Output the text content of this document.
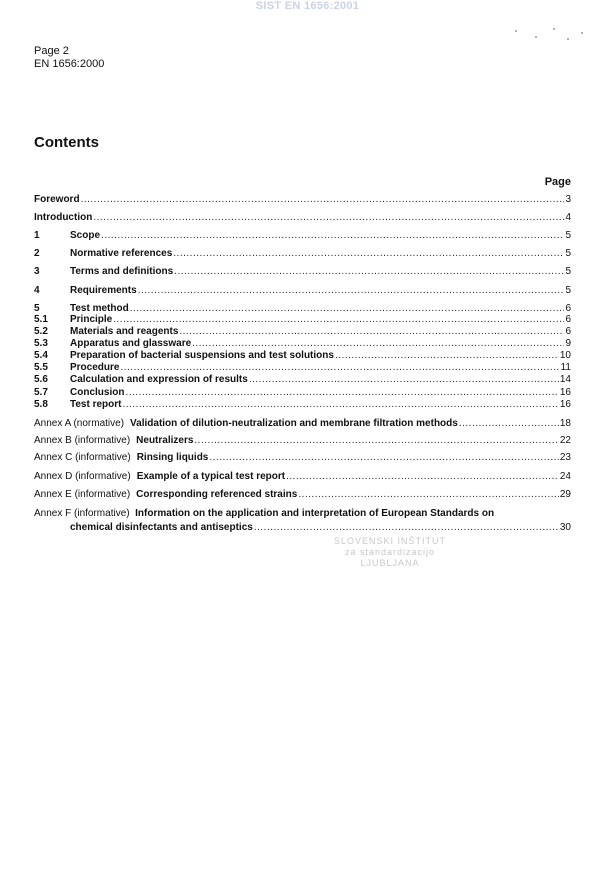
SIST EN 1656:2001
Page 2
EN 1656:2000
Contents
Page
Foreword .....	3
Introduction .....	4
1	Scope .....	5
2	Normative references .....	5
3	Terms and definitions .....	5
4	Requirements .....	5
5	Test method .....	6
5.1	Principle .....	6
5.2	Materials and reagents .....	6
5.3	Apparatus and glassware .....	9
5.4	Preparation of bacterial suspensions and test solutions .....	10
5.5	Procedure .....	11
5.6	Calculation and expression of results .....	14
5.7	Conclusion .....	16
5.8	Test report .....	16
Annex A (normative) Validation of dilution-neutralization and membrane filtration methods .....	18
Annex B (informative) Neutralizers .....	22
Annex C (informative) Rinsing liquids .....	23
Annex D (informative) Example of a typical test report .....	24
Annex E (informative) Corresponding referenced strains .....	29
Annex F (informative) Information on the application and interpretation of European Standards on
chemical disinfectants and antiseptics .....	30
SLOVENSKI INŠTITUT
za standardizacijo
LJUBLJANA
